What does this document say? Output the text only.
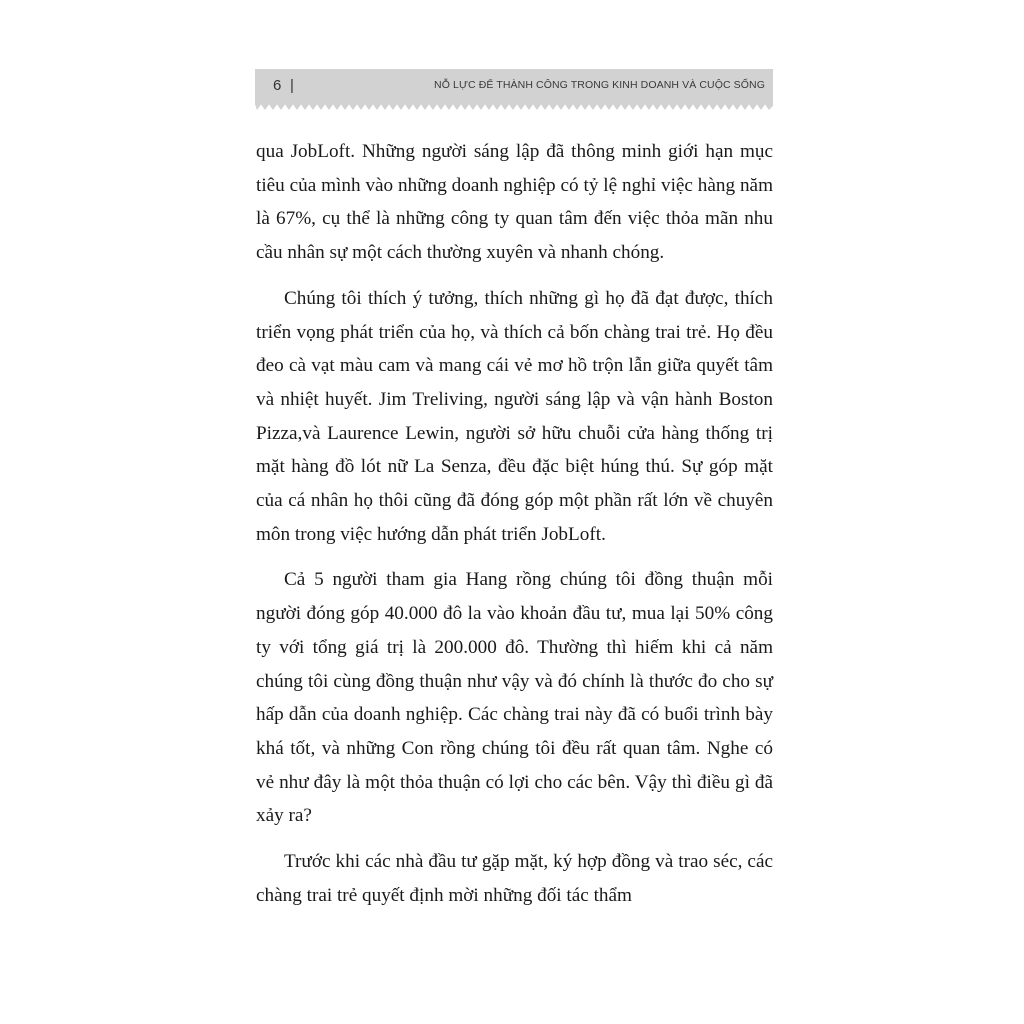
6 |	NỖ LỰC ĐỂ THÀNH CÔNG TRONG KINH DOANH VÀ CUỘC SỐNG

qua JobLoft. Những người sáng lập đã thông minh giới hạn mục tiêu của mình vào những doanh nghiệp có tỷ lệ nghỉ việc hàng năm là 67%, cụ thể là những công ty quan tâm đến việc thỏa mãn nhu cầu nhân sự một cách thường xuyên và nhanh chóng.

Chúng tôi thích ý tưởng, thích những gì họ đã đạt được, thích triển vọng phát triển của họ, và thích cả bốn chàng trai trẻ. Họ đều đeo cà vạt màu cam và mang cái vẻ mơ hồ trộn lẫn giữa quyết tâm và nhiệt huyết. Jim Treliving, người sáng lập và vận hành Boston Pizza,và Laurence Lewin, người sở hữu chuỗi cửa hàng thống trị mặt hàng đồ lót nữ La Senza, đều đặc biệt húng thú. Sự góp mặt của cá nhân họ thôi cũng đã đóng góp một phần rất lớn về chuyên môn trong việc hướng dẫn phát triển JobLoft.

Cả 5 người tham gia Hang rồng chúng tôi đồng thuận mỗi người đóng góp 40.000 đô la vào khoản đầu tư, mua lại 50% công ty với tổng giá trị là 200.000 đô. Thường thì hiếm khi cả năm chúng tôi cùng đồng thuận như vậy và đó chính là thước đo cho sự hấp dẫn của doanh nghiệp. Các chàng trai này đã có buổi trình bày khá tốt, và những Con rồng chúng tôi đều rất quan tâm. Nghe có vẻ như đây là một thỏa thuận có lợi cho các bên. Vậy thì điều gì đã xảy ra?

Trước khi các nhà đầu tư gặp mặt, ký hợp đồng và trao séc, các chàng trai trẻ quyết định mời những đối tác thẩm
